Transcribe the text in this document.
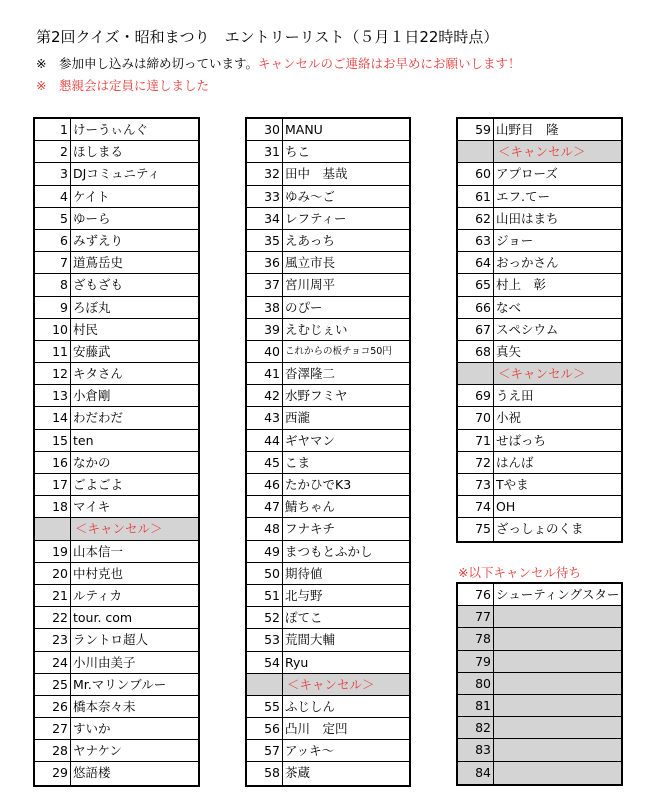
第2回クイズ・昭和まつり　エントリーリスト（５月１日22時時点）
※　参加申し込みは締め切っています。キャンセルのご連絡はお早めにお願いします！
※　懇親会は定員に達しました
1 けーうぃんぐ
2 ほしまる
3 DJコミュニティ
4 ケイト
5 ゆーら
6 みずえり
7 道蔦岳史
8 ざもざも
9 ろぼ丸
10 村民
11 安藤武
12 キタさん
13 小倉剛
14 わだわだ
15 ten
16 なかの
17 ごよごよ
18 マイキ
＜キャンセル＞
19 山本信一
20 中村克也
21 ルティカ
22 tour. com
23 ラントロ超人
24 小川由美子
25 Mr.マリンブルー
26 橋本奈々未
27 すいか
28 ヤナケン
29 悠語楼
30 MANU
31 ちこ
32 田中　基哉
33 ゆみ～ご
34 レフティー
35 えあっち
36 風立市長
37 宮川周平
38 のぴー
39 えむじぇい
40 これからの板チョコ50円
41 沓澤隆二
42 水野フミヤ
43 西瀧
44 ギヤマン
45 こま
46 たかひでK3
47 鯖ちゃん
48 フナキチ
49 まつもとふかし
50 期待値
51 北与野
52 ぽてこ
53 荒間大輔
54 Ryu
＜キャンセル＞
55 ふじしん
56 凸川　定凹
57 アッキ～
58 茶蔵
59 山野目　隆
＜キャンセル＞
60 アプローズ
61 エフ.てー
62 山田はまち
63 ジョー
64 おっかさん
65 村上　彰
66 なべ
67 スペシウム
68 真矢
＜キャンセル＞
69 うえ田
70 小祝
71 せばっち
72 はんば
73 Tやま
74 OH
75 ざっしょのくま
※以下キャンセル待ち
76 シューティングスター
77
78
79
80
81
82
83
84
